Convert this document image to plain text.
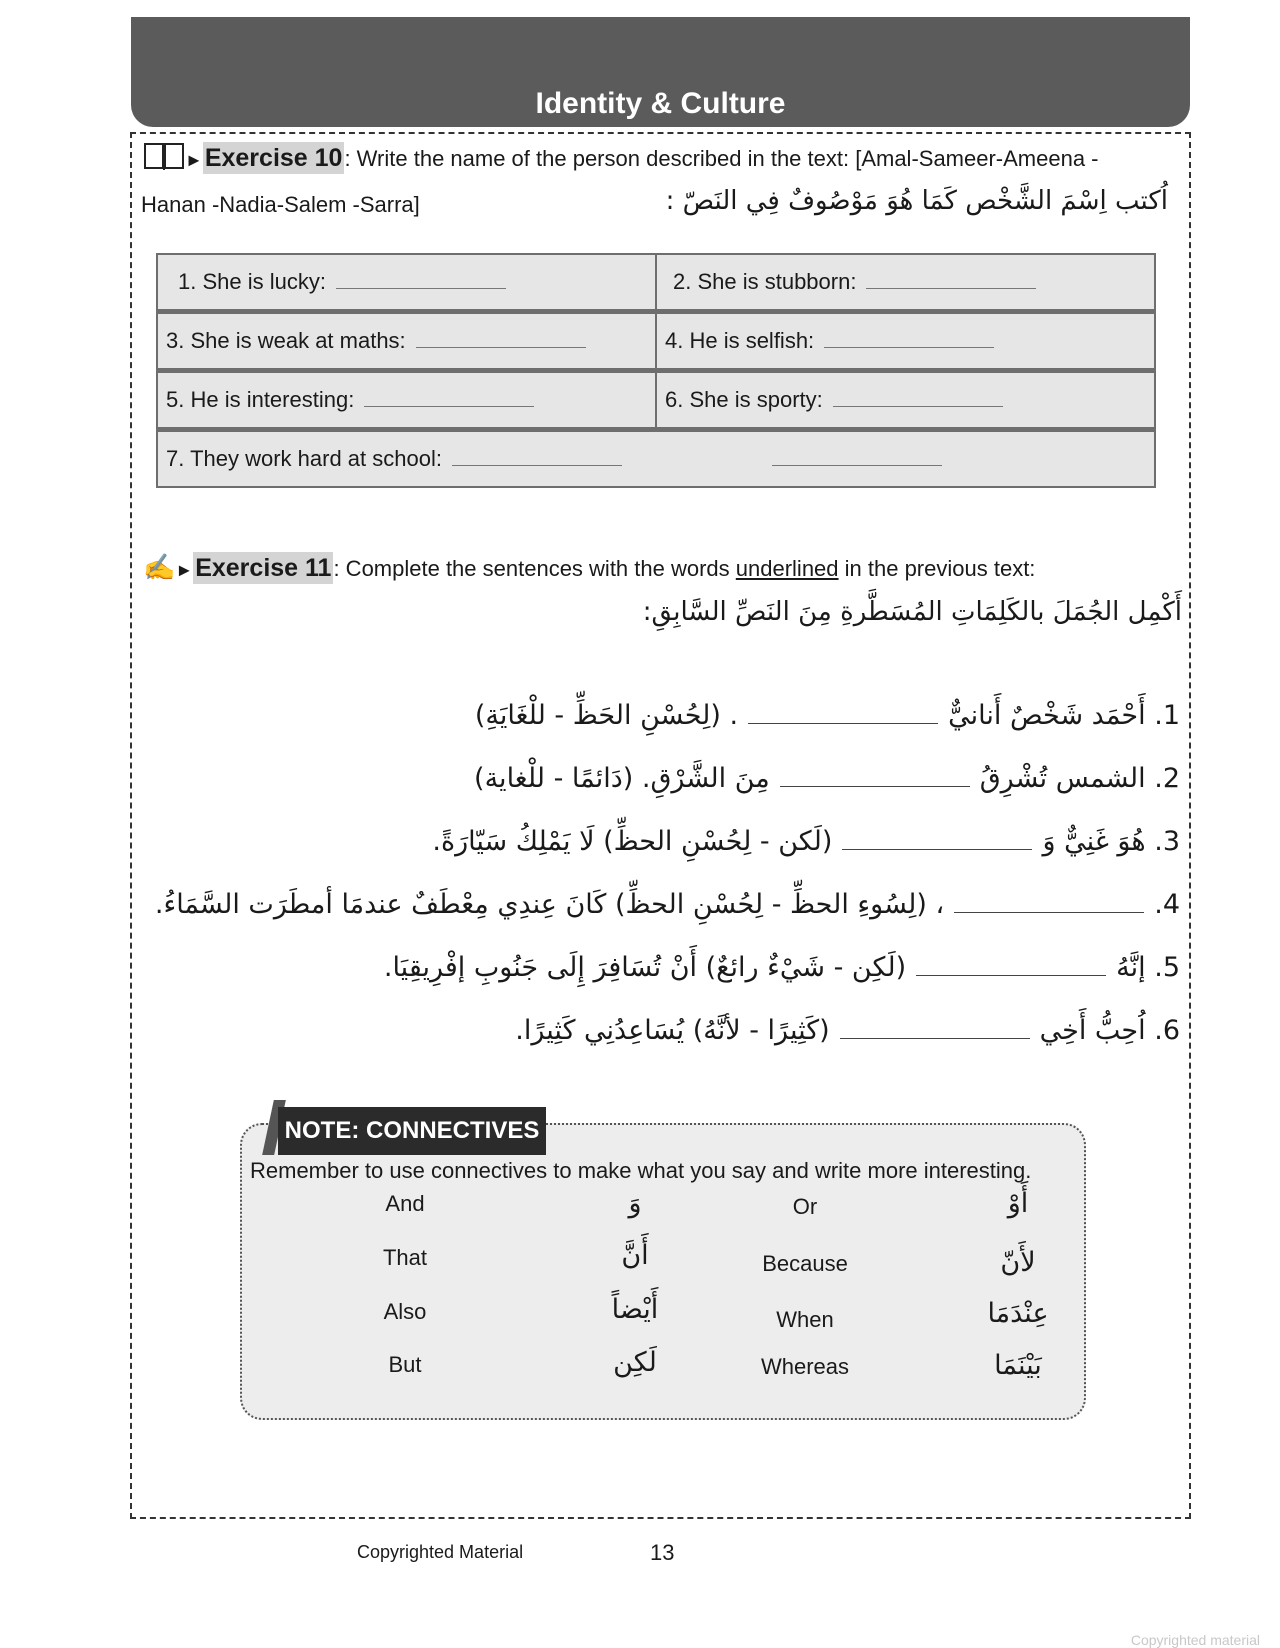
Identity & Culture
►Exercise 10: Write the name of the person described in the text: [Amal-Sameer-Ameena -
Hanan -Nadia-Salem -Sarra]	اُكتب اِسْمَ الشَّخْص كَمَا هُوَ مَوْصُوفٌ فِي النَصّ :
1. She is lucky:	2. She is stubborn:
3. She is weak at maths:	4. He is selfish:
5. He is interesting:	6. She is sporty:
7. They work hard at school:	
✍►Exercise 11: Complete the sentences with the words underlined in the previous text:
أَكْمِل الجُمَلَ بالكَلِمَاتِ المُسَطَّرةِ مِنَ النَصِّ السَّابِقِ:
1. أَحْمَد شَخْصٌ أَنانيٌّ. (لِحُسْنِ الحَظِّ - للْغَايَةِ)
2. الشمس تُشْرِقُمِنَ الشَّرْقِ. (دَائمًا - للْغاية)
3. هُوَ غَنِيٌّ وَ(لَكن - لِحُسْنِ الحظِّ) لَا يَمْلِكُ سَيّارَةً.
4.، (لِسُوءِ الحظِّ - لِحُسْنِ الحظِّ) كَانَ عِندِي مِعْطَفٌ عندمَا أمطَرَت السَّمَاءُ.
5. إنَّهُ(لَكِن - شَيْءٌ رائعٌ) أَنْ تُسَافِرَ إِلَى جَنُوبِ إفْرِيقِيَا.
6. اُحِبُّ أَخِي(كَثِيرًا - لأنَّهُ) يُسَاعِدُنِي كَثِيرًا.
NOTE: CONNECTIVES
Remember to use connectives to make what you say and write more interesting.
And	وَ	Or	أَوْ
That	أَنَّ	Because	لأَنّ
Also	أَيْضاً	When	عِنْدَمَا
But	لَكِن	Whereas	بَيْنَمَا
Copyrighted Material	13
Copyrighted material
